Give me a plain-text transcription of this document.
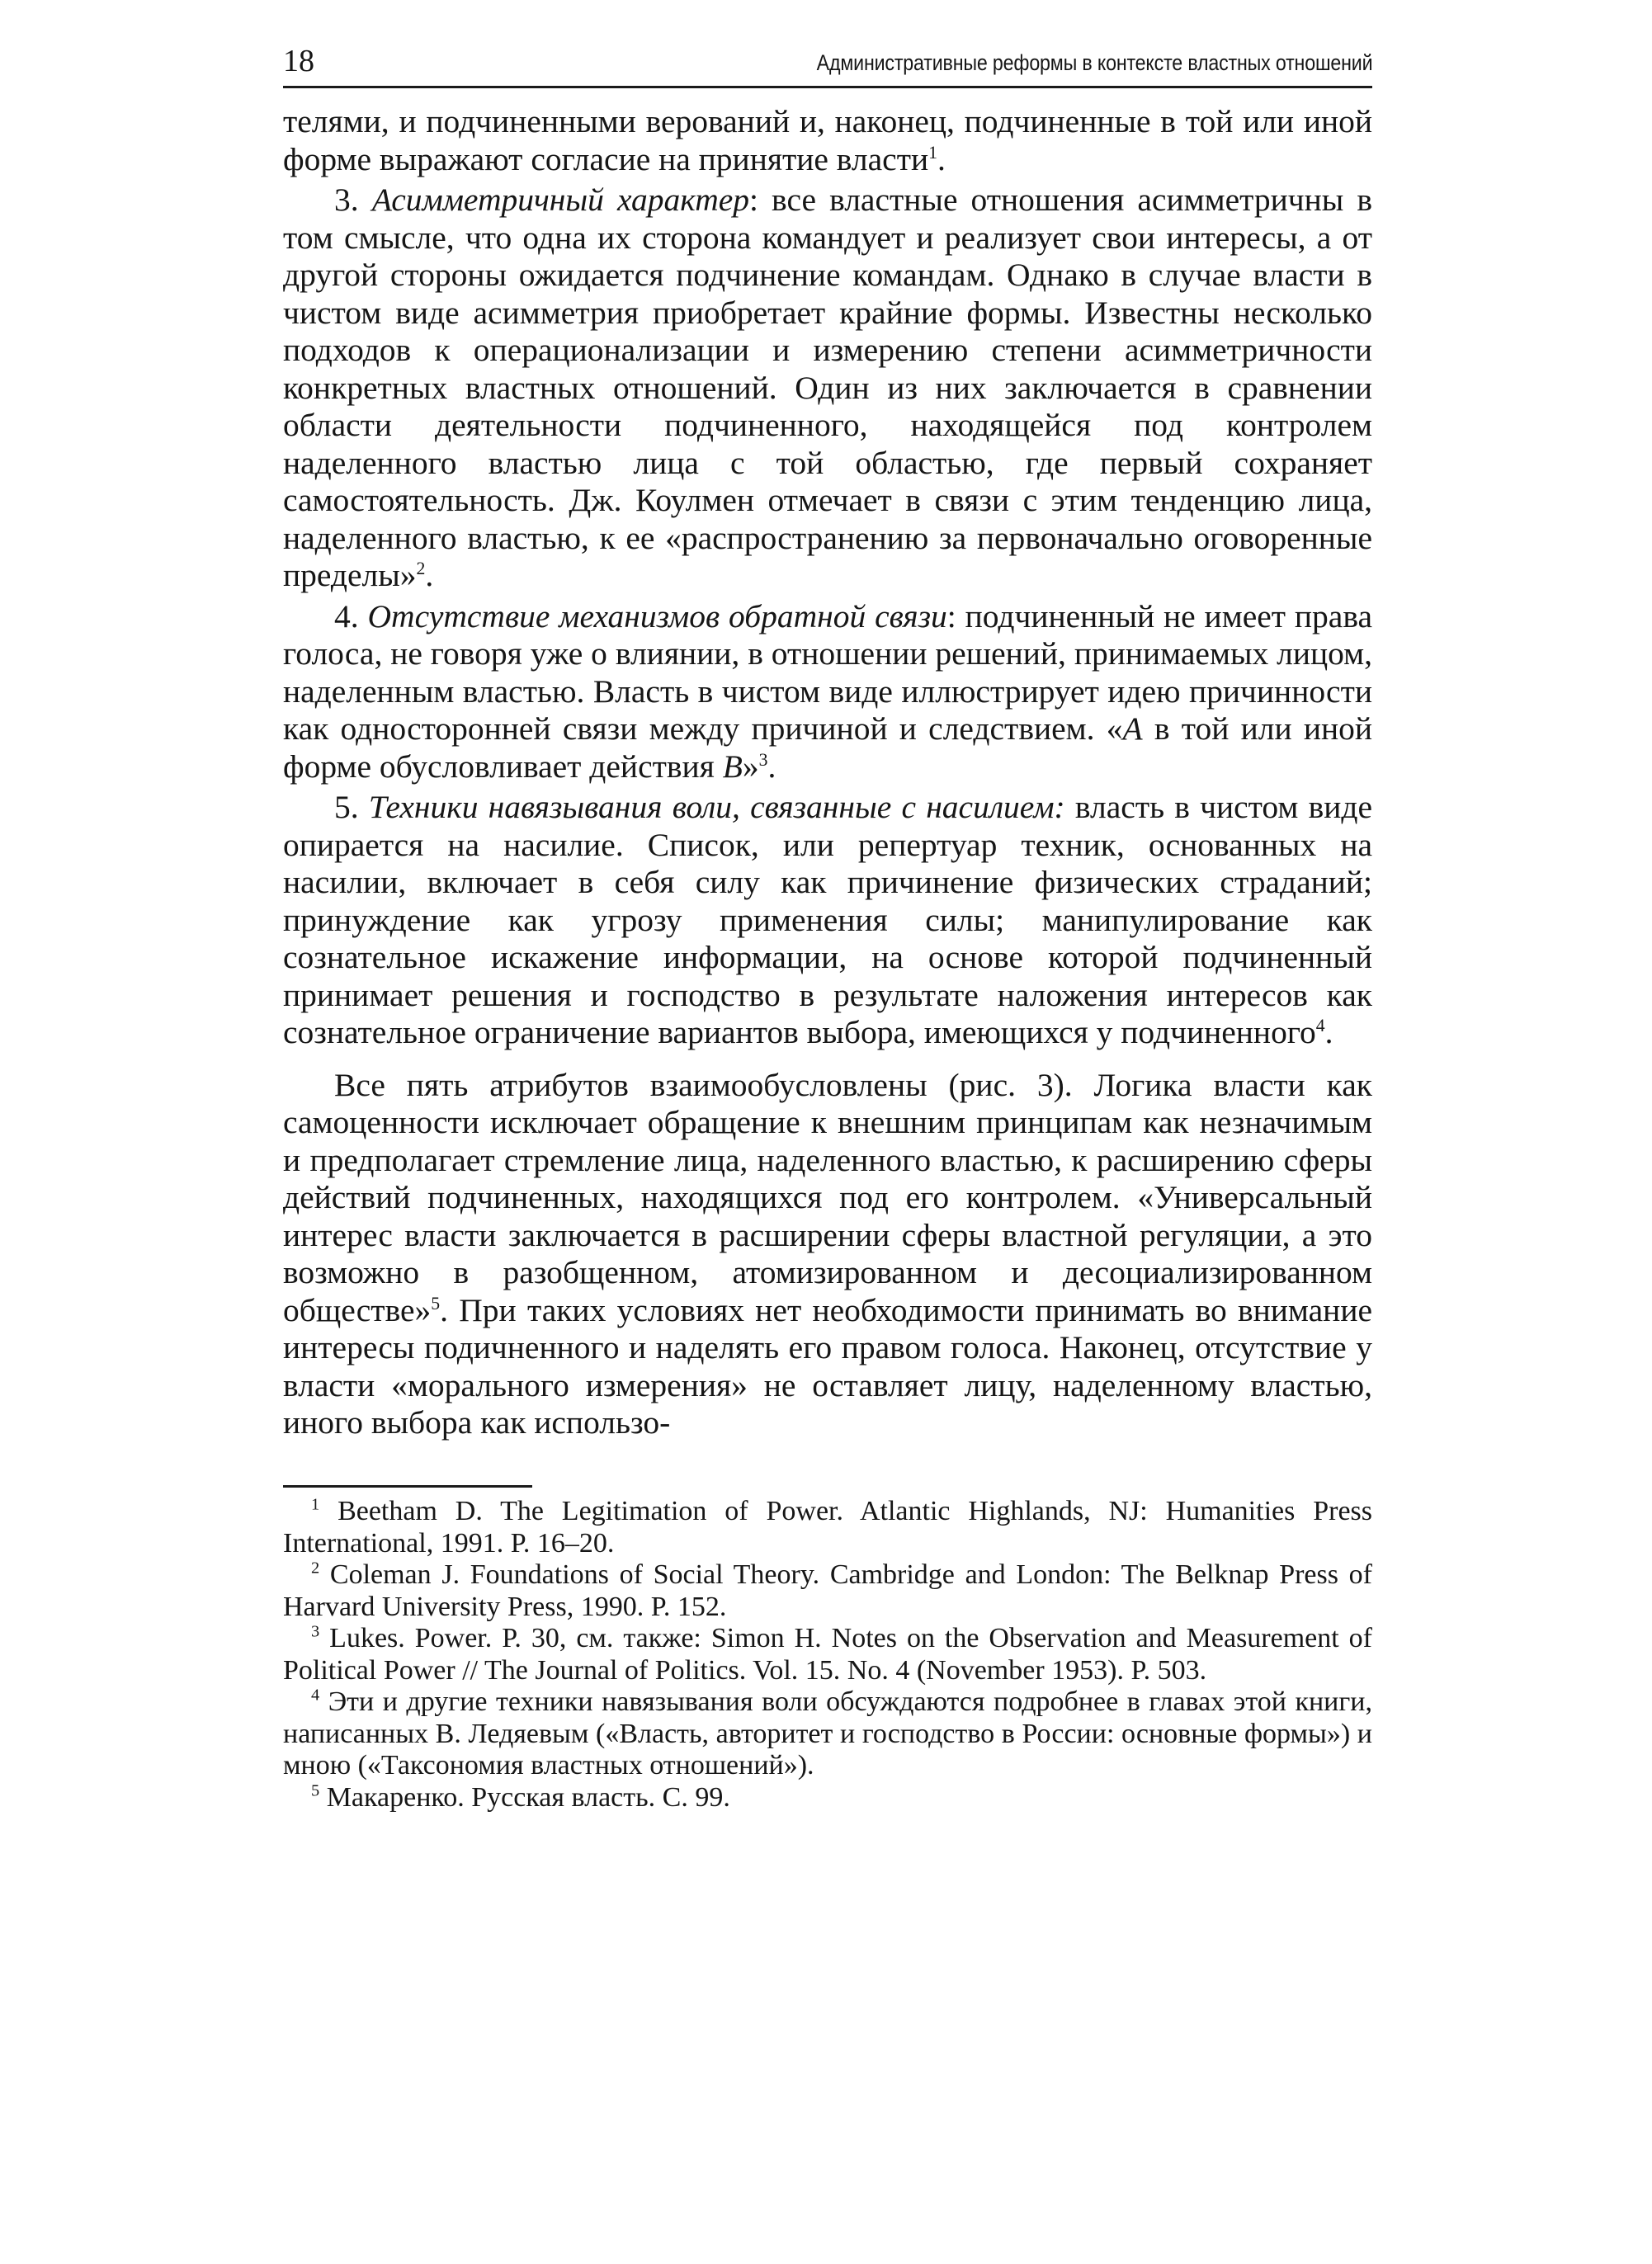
18	Административные реформы в контексте властных отношений

телями, и подчиненными верований и, наконец, подчиненные в той или иной форме выражают согласие на принятие власти$^1$.

3. Асимметричный характер: все властные отношения асимметричны в том смысле, что одна их сторона командует и реализует свои интересы, а от другой стороны ожидается подчинение командам. Однако в случае власти в чистом виде асимметрия приобретает крайние формы. Известны несколько подходов к операционализации и измерению степени асимметричности конкретных властных отношений. Один из них заключается в сравнении области деятельности подчиненного, находящейся под контролем наделенного властью лица с той областью, где первый сохраняет самостоятельность. Дж. Коулмен отмечает в связи с этим тенденцию лица, наделенного властью, к ее «распространению за первоначально оговоренные пределы»$^2$.

4. Отсутствие механизмов обратной связи: подчиненный не имеет права голоса, не говоря уже о влиянии, в отношении решений, принимаемых лицом, наделенным властью. Власть в чистом виде иллюстрирует идею причинности как односторонней связи между причиной и следствием. «А в той или иной форме обусловливает действия В»$^3$.

5. Техники навязывания воли, связанные с насилием: власть в чистом виде опирается на насилие. Список, или репертуар техник, основанных на насилии, включает в себя силу как причинение физических страданий; принуждение как угрозу применения силы; манипулирование как сознательное искажение информации, на основе которой подчиненный принимает решения и господство в результате наложения интересов как сознательное ограничение вариантов выбора, имеющихся у подчиненного$^4$.

Все пять атрибутов взаимообусловлены (рис. 3). Логика власти как самоценности исключает обращение к внешним принципам как незначимым и предполагает стремление лица, наделенного властью, к расширению сферы действий подчиненных, находящихся под его контролем. «Универсальный интерес власти заключается в расширении сферы властной регуляции, а это возможно в разобщенном, атомизированном и десоциализированном обществе»$^5$. При таких условиях нет необходимости принимать во внимание интересы подичненного и наделять его правом голоса. Наконец, отсутствие у власти «морального измерения» не оставляет лицу, наделенному властью, иного выбора как использо-

$^1$ Beetham D. The Legitimation of Power. Atlantic Highlands, NJ: Humanities Press International, 1991. P. 16–20.

$^2$ Coleman J. Foundations of Social Theory. Cambridge and London: The Belknap Press of Harvard University Press, 1990. P. 152.

$^3$ Lukes. Power. P. 30, см. также: Simon H. Notes on the Observation and Measurement of Political Power // The Journal of Politics. Vol. 15. No. 4 (November 1953). P. 503.

$^4$ Эти и другие техники навязывания воли обсуждаются подробнее в главах этой книги, написанных В. Ледяевым («Власть, авторитет и господство в России: основные формы») и мною («Таксономия властных отношений»).

$^5$ Макаренко. Русская власть. С. 99.
